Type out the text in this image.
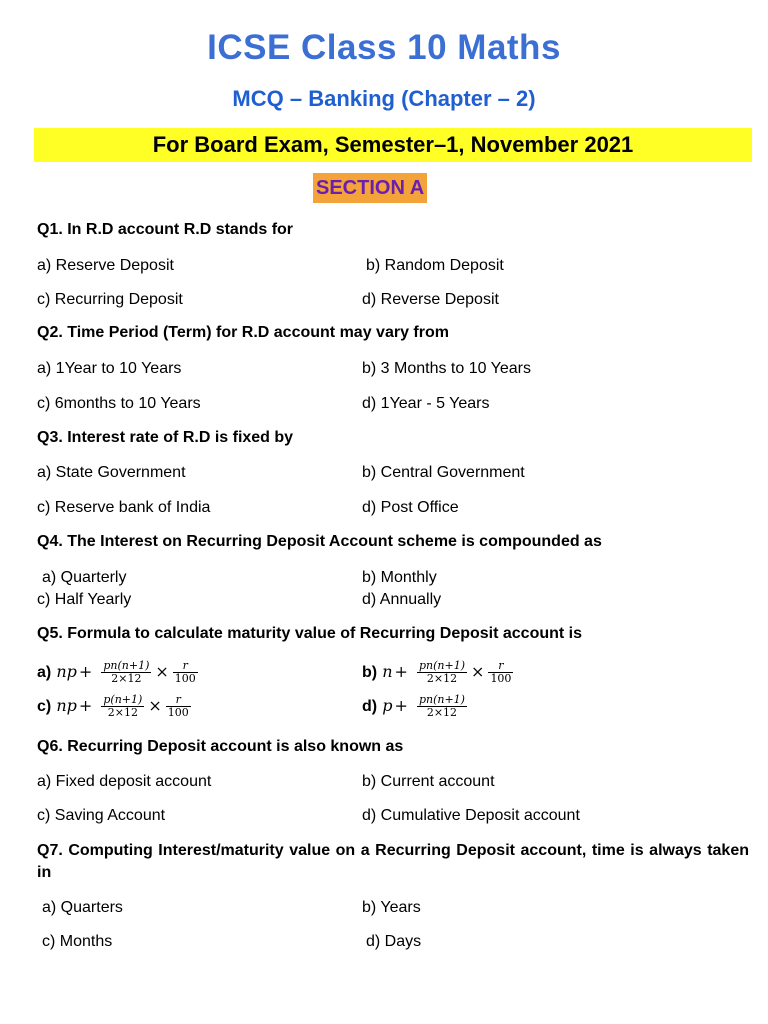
ICSE Class 10 Maths
MCQ – Banking (Chapter – 2)
For Board Exam, Semester–1, November 2021
SECTION A
Q1. In R.D account R.D stands for
a) Reserve Deposit	b) Random Deposit
c) Recurring Deposit	d) Reverse Deposit
Q2. Time Period (Term) for R.D account may vary from
a) 1Year to 10 Years	b) 3 Months to 10 Years
c) 6months to 10 Years	d) 1Year - 5 Years
Q3. Interest rate of R.D is fixed by
a) State Government	b) Central Government
c) Reserve bank of India	d) Post Office
Q4. The Interest on Recurring Deposit Account scheme is compounded as
a) Quarterly	b) Monthly
c) Half Yearly	d) Annually
Q5. Formula to calculate maturity value of Recurring Deposit account is
a) np + $\frac{pn(n+1)}{2\times 12} \times \frac{r}{100}$	b) $n + \frac{pn(n+1)}{2\times 12} \times \frac{r}{100}$
c) np + $\frac{p(n+1)}{2\times 12} \times \frac{r}{100}$	d) $p + \frac{pn(n+1)}{2\times 12}$
Q6. Recurring Deposit account is also known as
a) Fixed deposit account	b) Current account
c) Saving Account	d) Cumulative Deposit account
Q7. Computing Interest/maturity value on a Recurring Deposit account, time is always taken in
a) Quarters	b) Years
c) Months	d) Days
